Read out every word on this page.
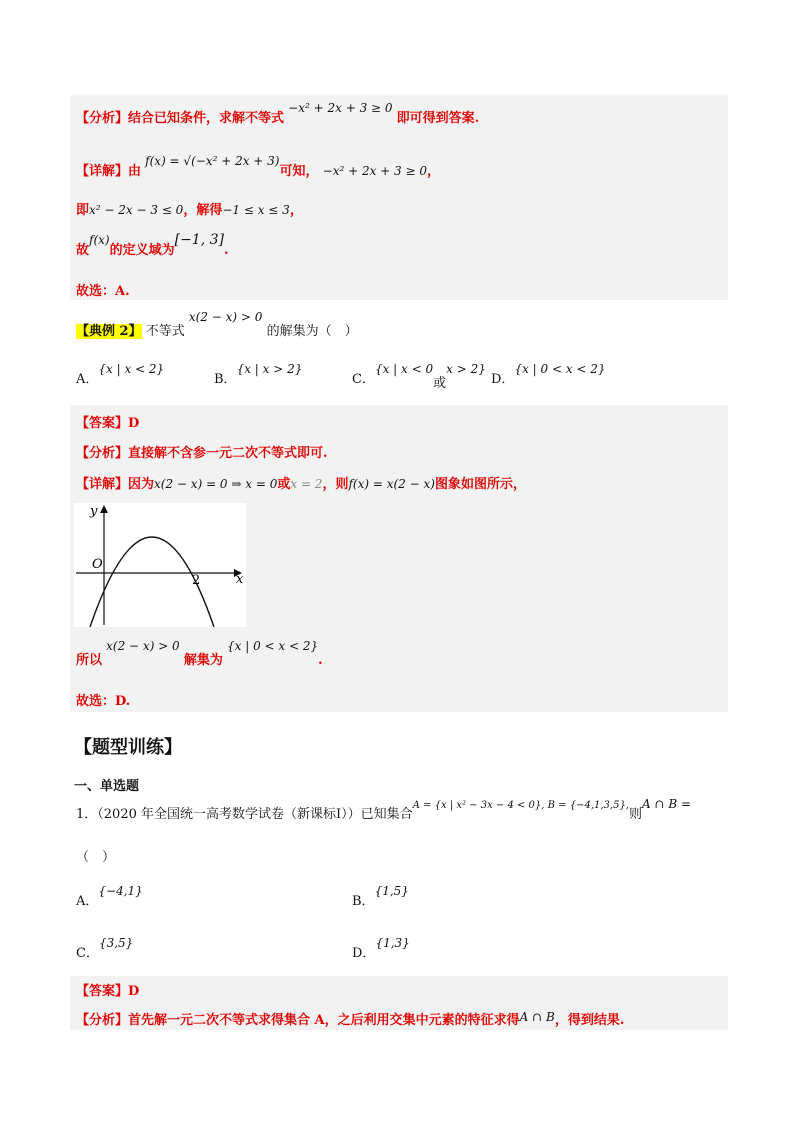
【分析】结合已知条件，求解不等式 −x² + 2x + 3 ≥ 0 即可得到答案.
【详解】由 f(x) = √(−x² + 2x + 3)可知， −x² + 2x + 3 ≥ 0，
即x² − 2x − 3 ≤ 0，解得−1 ≤ x ≤ 3，
故f(x)的定义域为[−1, 3].
故选：A.
【典例 2】 不等式 x(2 − x) > 0 的解集为（　）
A．{x | x < 2}
B．{x | x > 2}
C．{x | x < 0或x > 2}
D．{x | 0 < x < 2}
【答案】D
【分析】直接解不含参一元二次不等式即可.
【详解】因为x(2 − x) = 0 ⇒ x = 0或x = 2，则f(x) = x(2 − x)图象如图所示，
y
x
O
2
所以 x(2 − x) > 0 解集为 {x | 0 < x < 2}.
故选：D.
【题型训练】
一、单选题
1．（2020 年全国统一高考数学试卷（新课标Ⅰ））已知集合$^{A = \{x | x^2 - 3x - 4 < 0\}, B = \{-4,1,3,5\},}$则A ∩ B =
（　）
A．{−4,1}
B．{1,5}
C．{3,5}
D．{1,3}
【答案】D
【分析】首先解一元二次不等式求得集合 A，之后利用交集中元素的特征求得A ∩ B，得到结果.
